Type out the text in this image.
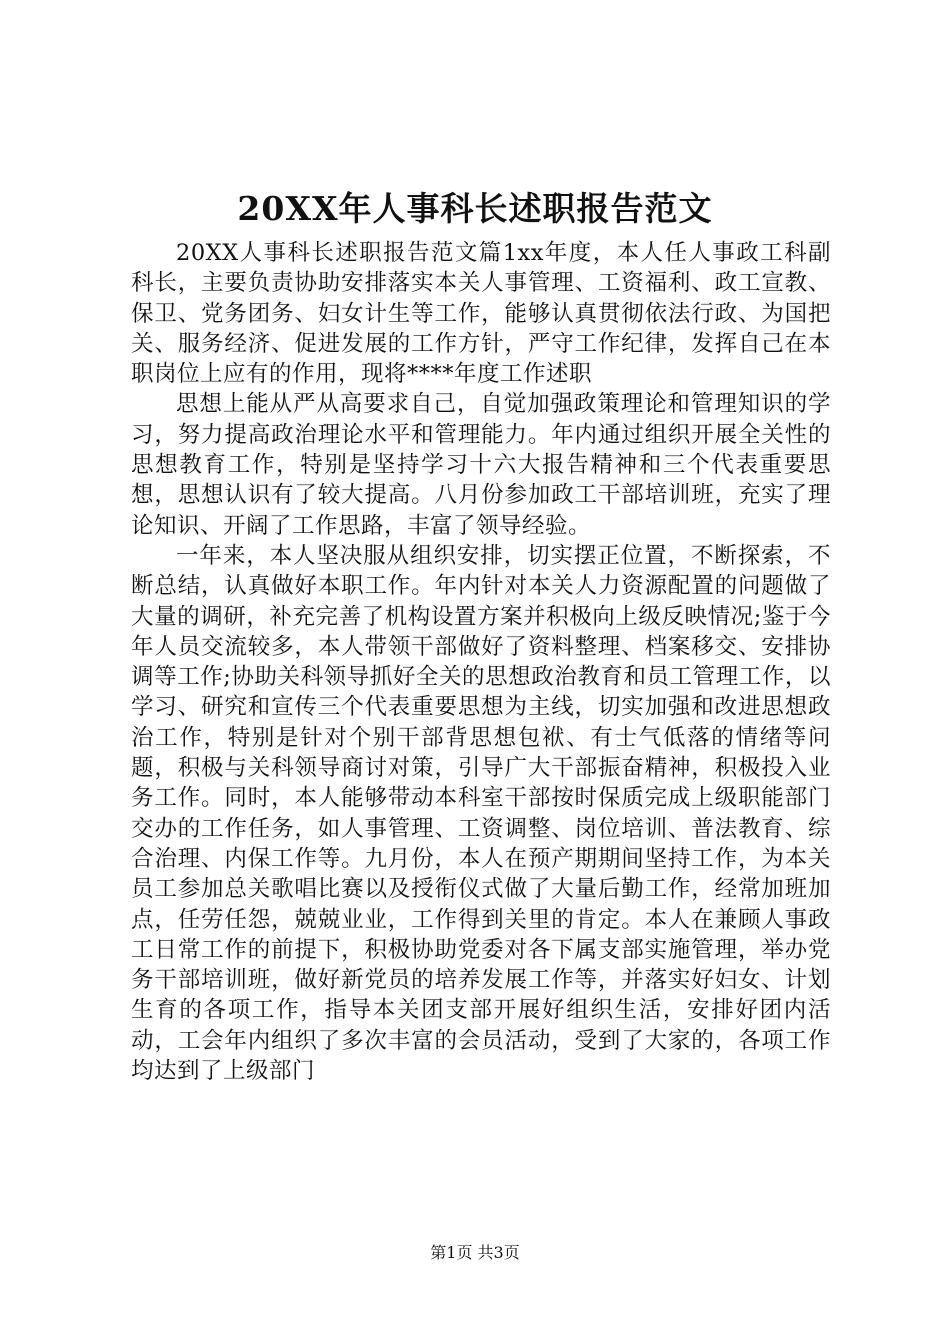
20XX年人事科长述职报告范文

20XX人事科长述职报告范文篇1xx年度，本人任人事政工科副科长，主要负责协助安排落实本关人事管理、工资福利、政工宣教、保卫、党务团务、妇女计生等工作，能够认真贯彻依法行政、为国把关、服务经济、促进发展的工作方针，严守工作纪律，发挥自己在本职岗位上应有的作用，现将****年度工作述职

思想上能从严从高要求自己，自觉加强政策理论和管理知识的学习，努力提高政治理论水平和管理能力。年内通过组织开展全关性的思想教育工作，特别是坚持学习十六大报告精神和三个代表重要思想，思想认识有了较大提高。八月份参加政工干部培训班，充实了理论知识、开阔了工作思路，丰富了领导经验。

一年来，本人坚决服从组织安排，切实摆正位置，不断探索，不断总结，认真做好本职工作。年内针对本关人力资源配置的问题做了大量的调研，补充完善了机构设置方案并积极向上级反映情况;鉴于今年人员交流较多，本人带领干部做好了资料整理、档案移交、安排协调等工作;协助关科领导抓好全关的思想政治教育和员工管理工作，以学习、研究和宣传三个代表重要思想为主线，切实加强和改进思想政治工作，特别是针对个别干部背思想包袱、有士气低落的情绪等问题，积极与关科领导商讨对策，引导广大干部振奋精神，积极投入业务工作。同时，本人能够带动本科室干部按时保质完成上级职能部门交办的工作任务，如人事管理、工资调整、岗位培训、普法教育、综合治理、内保工作等。九月份，本人在预产期期间坚持工作，为本关员工参加总关歌唱比赛以及授衔仪式做了大量后勤工作，经常加班加点，任劳任怨，兢兢业业，工作得到关里的肯定。本人在兼顾人事政工日常工作的前提下，积极协助党委对各下属支部实施管理，举办党务干部培训班，做好新党员的培养发展工作等，并落实好妇女、计划生育的各项工作，指导本关团支部开展好组织生活，安排好团内活动，工会年内组织了多次丰富的会员活动，受到了大家的，各项工作均达到了上级部门

第1页 共3页
